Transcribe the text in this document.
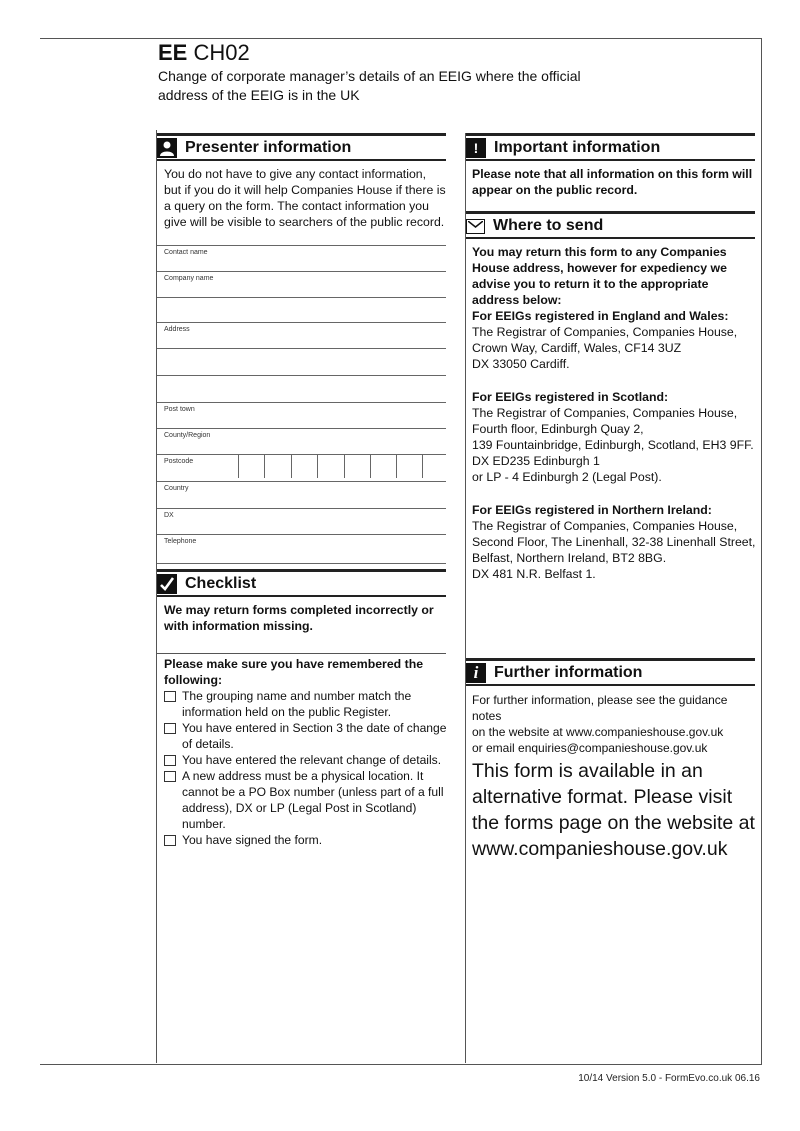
EE CH02
Change of corporate manager’s details of an EEIG where the official address of the EEIG is in the UK
Presenter information
You do not have to give any contact information, but if you do it will help Companies House if there is a query on the form. The contact information you give will be visible to searchers of the public record.
Contact name
Company name
Address
Post town
County/Region
Postcode
Country
DX
Telephone
Checklist
We may return forms completed incorrectly or with information missing.
Please make sure you have remembered the following:

The grouping name and number match the information held on the public Register.

You have entered in Section 3 the date of change of details.

You have entered the relevant change of details.

A new address must be a physical location. It cannot be a PO Box number (unless part of a full address), DX or LP (Legal Post in Scotland) number.

You have signed the form.

! Important information
Please note that all information on this form will appear on the public record.
Where to send
You may return this form to any Companies House address, however for expediency we advise you to return it to the appropriate address below:
For EEIGs registered in England and Wales:
The Registrar of Companies, Companies House,
Crown Way, Cardiff, Wales, CF14 3UZ
DX 33050 Cardiff.
For EEIGs registered in Scotland:
The Registrar of Companies, Companies House,
Fourth floor, Edinburgh Quay 2,
139 Fountainbridge, Edinburgh, Scotland, EH3 9FF.
DX ED235 Edinburgh 1
or LP - 4 Edinburgh 2 (Legal Post).
For EEIGs registered in Northern Ireland:
The Registrar of Companies, Companies House,
Second Floor, The Linenhall, 32-38 Linenhall Street,
Belfast, Northern Ireland, BT2 8BG.
DX 481 N.R. Belfast 1.
i Further information
For further information, please see the guidance notes
on the website at www.companieshouse.gov.uk
or email enquiries@companieshouse.gov.uk
This form is available in an alternative format. Please visit the forms page on the website at www.companieshouse.gov.uk
10/14 Version 5.0 - FormEvo.co.uk 06.16
